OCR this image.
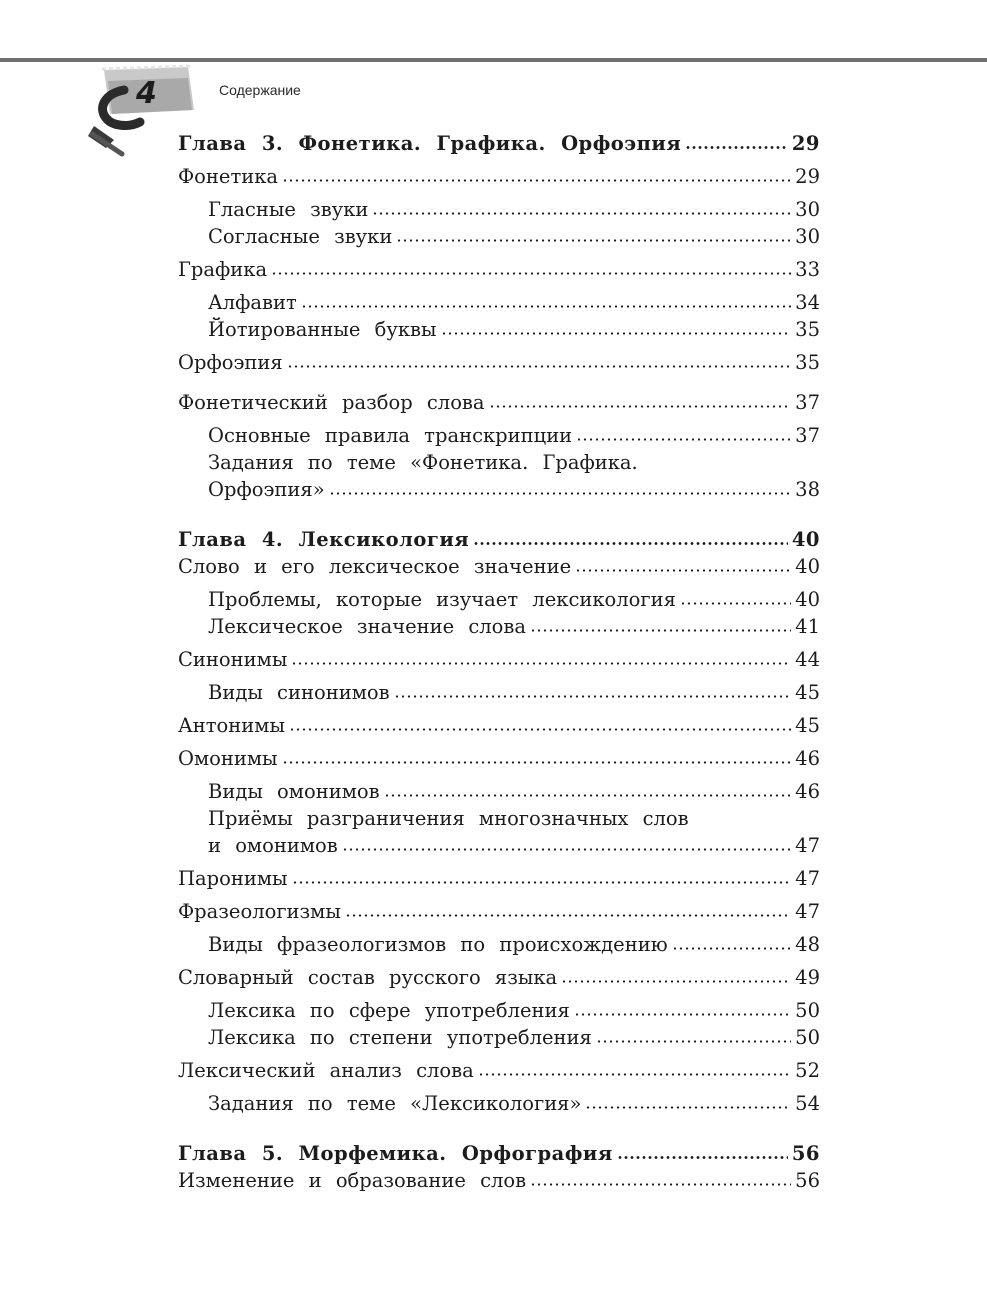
4	Содержание
Глава 3. Фонетика. Графика. Орфоэпия	29
Фонетика	29
Гласные звуки	30
Согласные звуки	30
Графика	33
Алфавит	34
Йотированные буквы	35
Орфоэпия	35
Фонетический разбор слова	37
Основные правила транскрипции	37
Задания по теме «Фонетика. Графика.
Орфоэпия»	38
Глава 4. Лексикология	40
Слово и его лексическое значение	40
Проблемы, которые изучает лексикология	40
Лексическое значение слова	41
Синонимы	44
Виды синонимов	45
Антонимы	45
Омонимы	46
Виды омонимов	46
Приёмы разграничения многозначных слов
и омонимов	47
Паронимы	47
Фразеологизмы	47
Виды фразеологизмов по происхождению	48
Словарный состав русского языка	49
Лексика по сфере употребления	50
Лексика по степени употребления	50
Лексический анализ слова	52
Задания по теме «Лексикология»	54
Глава 5. Морфемика. Орфография	56
Изменение и образование слов	56
